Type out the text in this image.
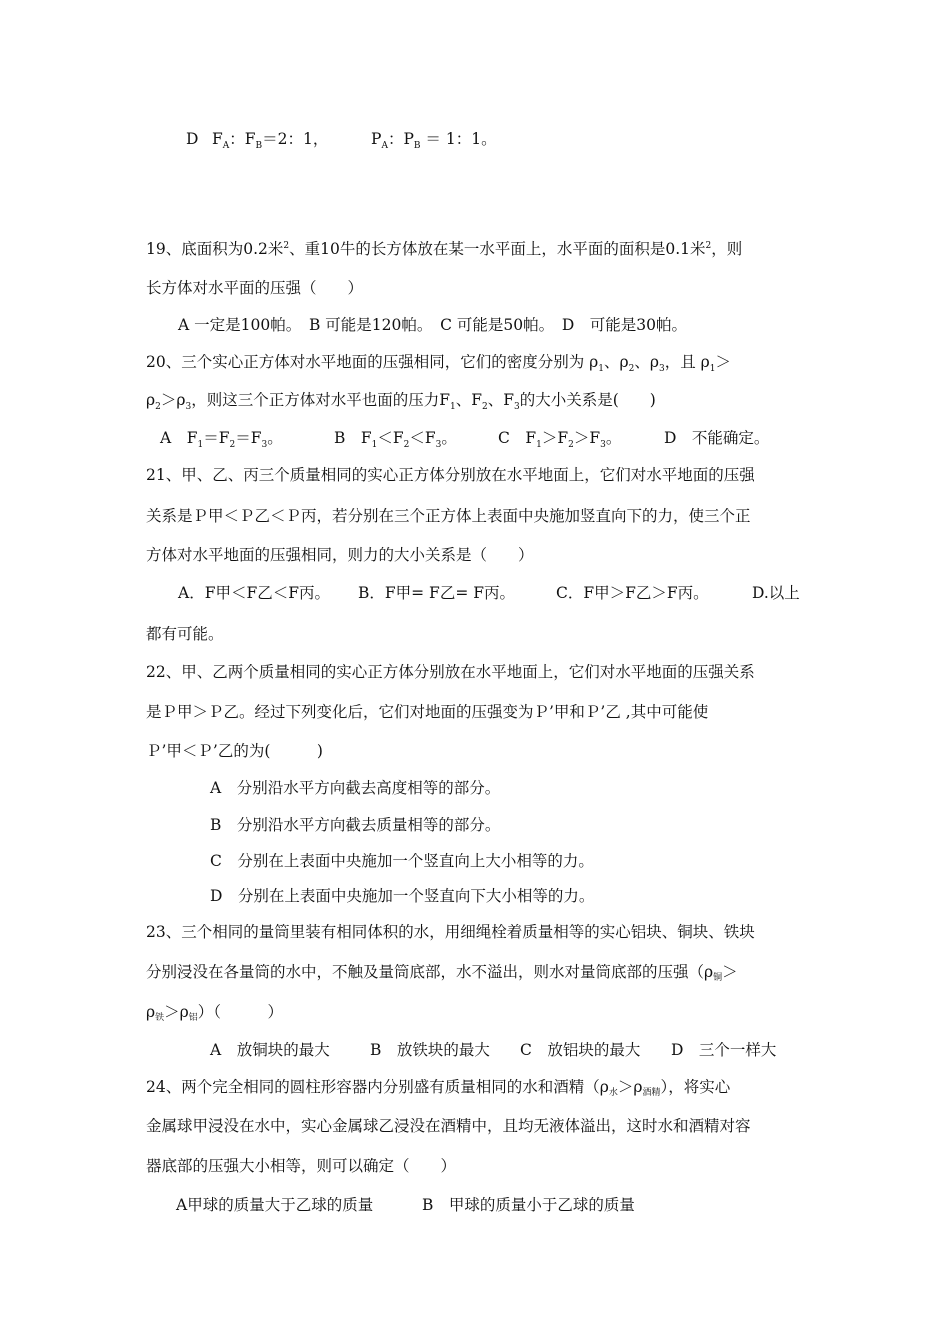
D $F_A$：$F_B=2$：1，	$P_A$：$P_B = 1$：1。
19、底面积为0.2米$^2$、重10牛的长方体放在某一水平面上，水平面的面积是0.1米$^2$，则
长方体对水平面的压强（　　）
A 一定是100帕。　B 可能是120帕。　C 可能是50帕。　D　可能是30帕。
20、三个实心正方体对水平地面的压强相同，它们的密度分别为 $\rho_1$、$\rho_2$、$\rho_3$，且 $\rho_1>$
$\rho_2>\rho_3$，则这三个正方体对水平也面的压力$F_1$、$F_2$、$F_3$的大小关系是(　　)
A　$F_1=F_2=F_3$。	B　$F_1<F_2<F_3$。	C　$F_1>F_2>F_3$。	D　不能确定。
21、甲、乙、丙三个质量相同的实心正方体分别放在水平地面上，它们对水平地面的压强
关系是Ｐ甲＜Ｐ乙＜Ｐ丙，若分别在三个正方体上表面中央施加竖直向下的力，使三个正
方体对水平地面的压强相同，则力的大小关系是（　　）
A．F甲＜F乙＜F丙。 B．F甲= F乙= F丙。	C．F甲＞F乙＞F丙。	D.以上
都有可能。
22、甲、乙两个质量相同的实心正方体分别放在水平地面上，它们对水平地面的压强关系
是Ｐ甲＞Ｐ乙。经过下列变化后，它们对地面的压强变为Ｐ’甲和Ｐ’乙 ,其中可能使
Ｐ’甲＜Ｐ’乙的为(　　　)
A　分别沿水平方向截去高度相等的部分。
B　分别沿水平方向截去质量相等的部分。
C　分别在上表面中央施加一个竖直向上大小相等的力。
D　分别在上表面中央施加一个竖直向下大小相等的力。
23、三个相同的量筒里装有相同体积的水，用细绳栓着质量相等的实心铝块、铜块、铁块
分别浸没在各量筒的水中，不触及量筒底部，水不溢出，则水对量筒底部的压强（ρ铜＞
ρ铁＞ρ铝）（　　　）
A　放铜块的最大	B　放铁块的最大 C　放铝块的最大 D　三个一样大
24、两个完全相同的圆柱形容器内分别盛有质量相同的水和酒精（ρ水＞ρ酒精），将实心
金属球甲浸没在水中，实心金属球乙浸没在酒精中，且均无液体溢出，这时水和酒精对容
器底部的压强大小相等，则可以确定（　　）
A甲球的质量大于乙球的质量	B　甲球的质量小于乙球的质量
